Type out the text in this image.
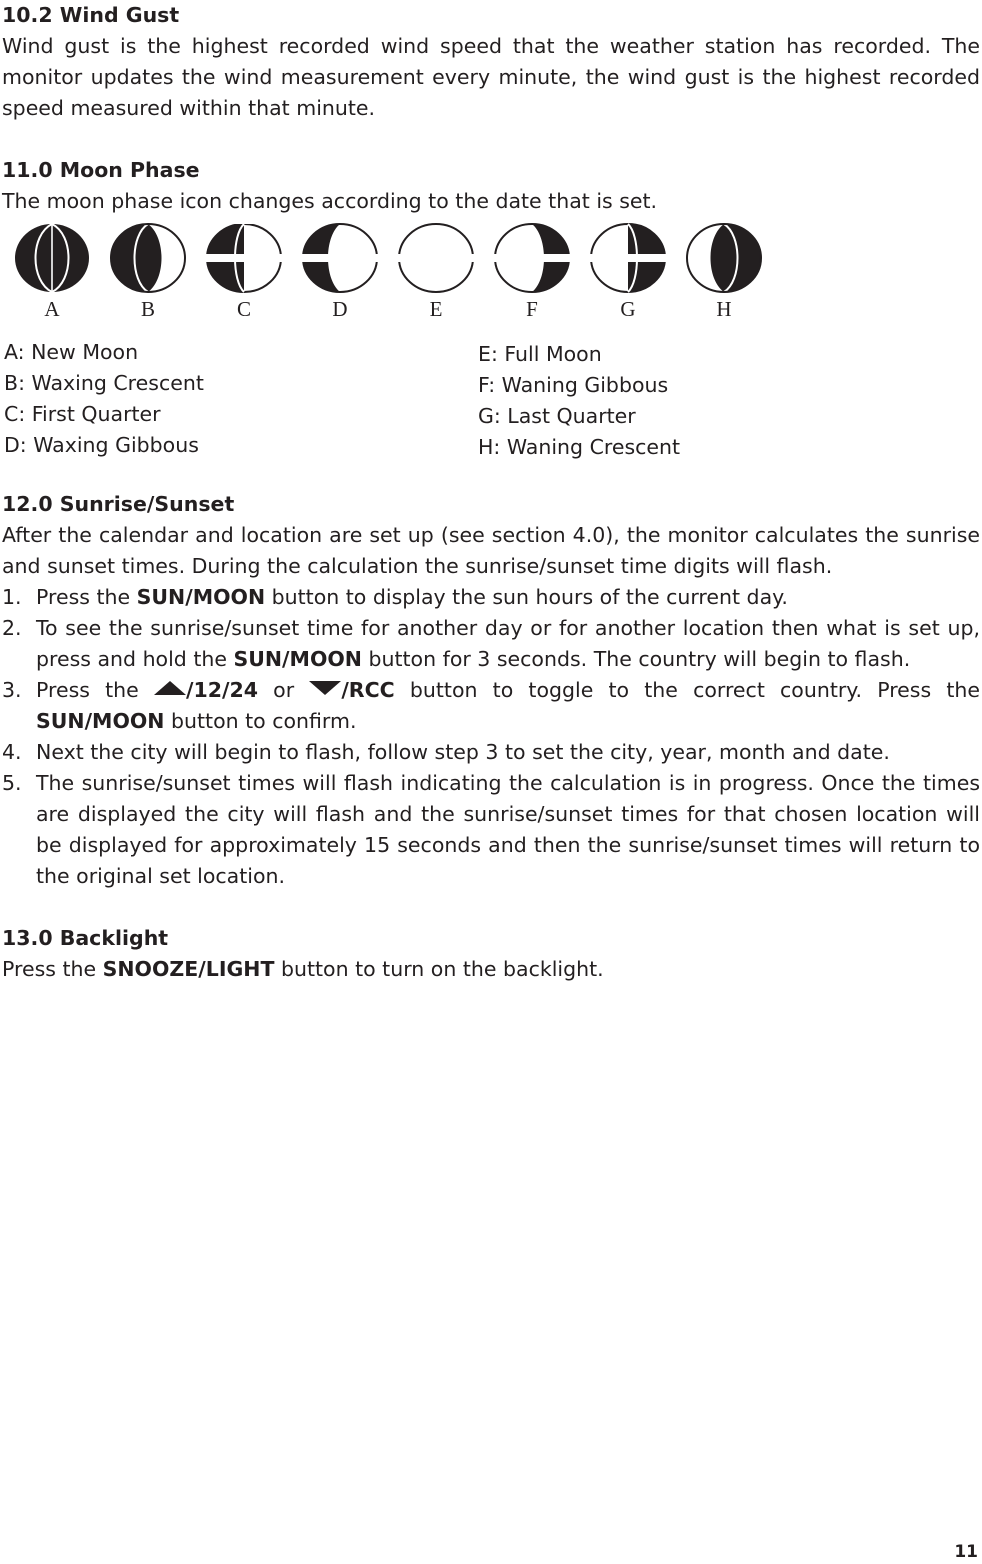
10.2 Wind Gust

Wind gust is the highest recorded wind speed that the weather station has recorded. The monitor updates the wind measurement every minute, the wind gust is the highest recorded speed measured within that minute.

11.0 Moon Phase

The moon phase icon changes according to the date that is set.

A	B	C	D	E	F	G	H
A: New Moon
B: Waxing Crescent
C: First Quarter
D: Waxing Gibbous
E: Full Moon
F: Waning Gibbous
G: Last Quarter
H: Waning Crescent
12.0 Sunrise/Sunset

After the calendar and location are set up (see section 4.0), the monitor calculates the sunrise and sunset times. During the calculation the sunrise/sunset time digits will flash.

1. Press the SUN/MOON button to display the sun hours of the current day.
2. To see the sunrise/sunset time for another day or for another location then what is set up, press and hold the SUN/MOON button for 3 seconds. The country will begin to flash.
3. Press the /12/24 or /RCC button to toggle to the correct country. Press the SUN/MOON button to confirm.
4. Next the city will begin to flash, follow step 3 to set the city, year, month and date.
5. The sunrise/sunset times will flash indicating the calculation is in progress. Once the times are displayed the city will flash and the sunrise/sunset times for that chosen location will be displayed for approximately 15 seconds and then the sunrise/sunset times will return to the original set location.
13.0 Backlight

Press the SNOOZE/LIGHT button to turn on the backlight.

11
